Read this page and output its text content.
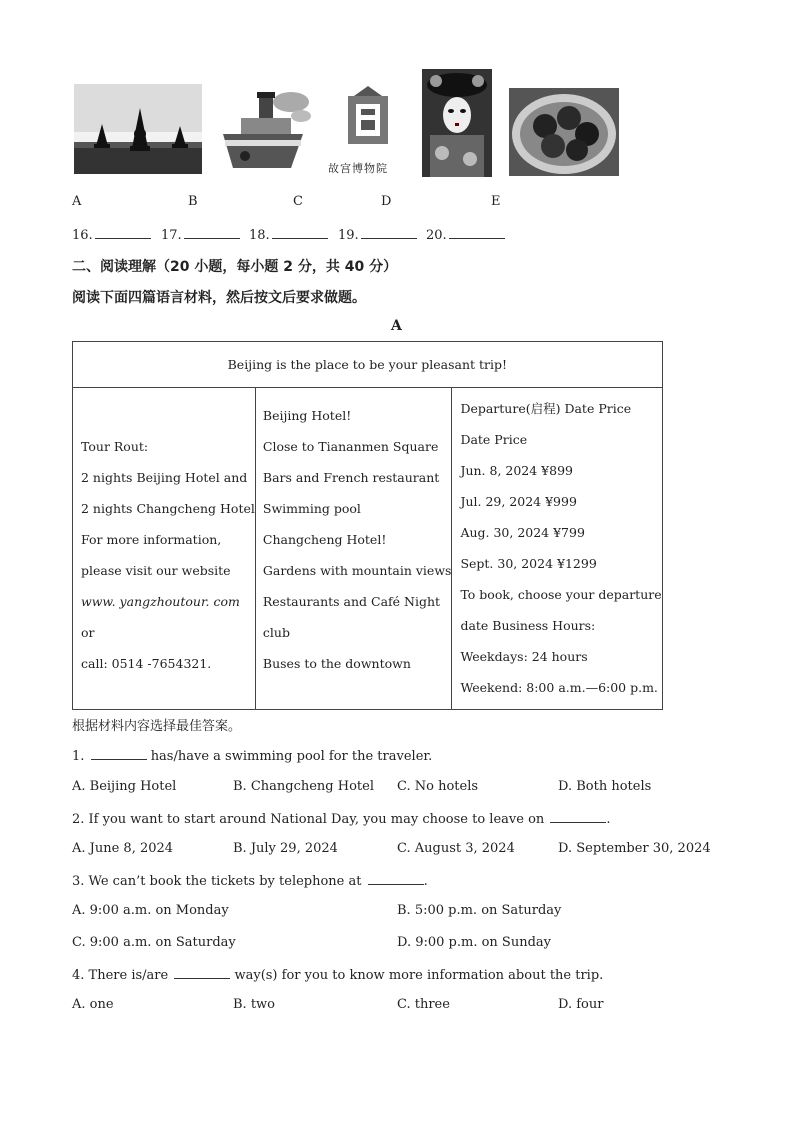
故宫博物院
A	B	C	D	E
16.	17.	18.	19.	20.
二、阅读理解（20 小题，每小题 2 分，共 40 分）
阅读下面四篇语言材料，然后按文后要求做题。
A
Beijing is the place to be your pleasant trip!

Tour Rout:
2 nights Beijing Hotel and
2 nights Changcheng Hotel
For more information,
please visit our website
www. yangzhoutour. com
or
call: 0514 -7654321.

Beijing Hotel!
Close to Tiananmen Square
Bars and French restaurant
Swimming pool
Changcheng Hotel!
Gardens with mountain views
Restaurants and Café Night
club
Buses to the downtown

Departure(启程) Date Price
Date Price
Jun. 8, 2024 ¥899
Jul. 29, 2024 ¥999
Aug. 30, 2024 ¥799
Sept. 30, 2024 ¥1299
To book, choose your departure
date Business Hours:
Weekdays: 24 hours
Weekend: 8:00 a.m.—6:00 p.m.
根据材料内容选择最佳答案。
1.	has/have a swimming pool for the traveler.
A. Beijing Hotel	B. Changcheng Hotel C. No hotels	D. Both hotels
2. If you want to start around National Day, you may choose to leave on	.
A. June 8, 2024	B. July 29, 2024	C. August 3, 2024	D. September 30, 2024
3. We can’t book the tickets by telephone at	.
A. 9:00 a.m. on Monday	B. 5:00 p.m. on Saturday
C. 9:00 a.m. on Saturday	D. 9:00 p.m. on Sunday
4. There is/are	way(s) for you to know more information about the trip.
A. one	B. two	C. three	D. four
